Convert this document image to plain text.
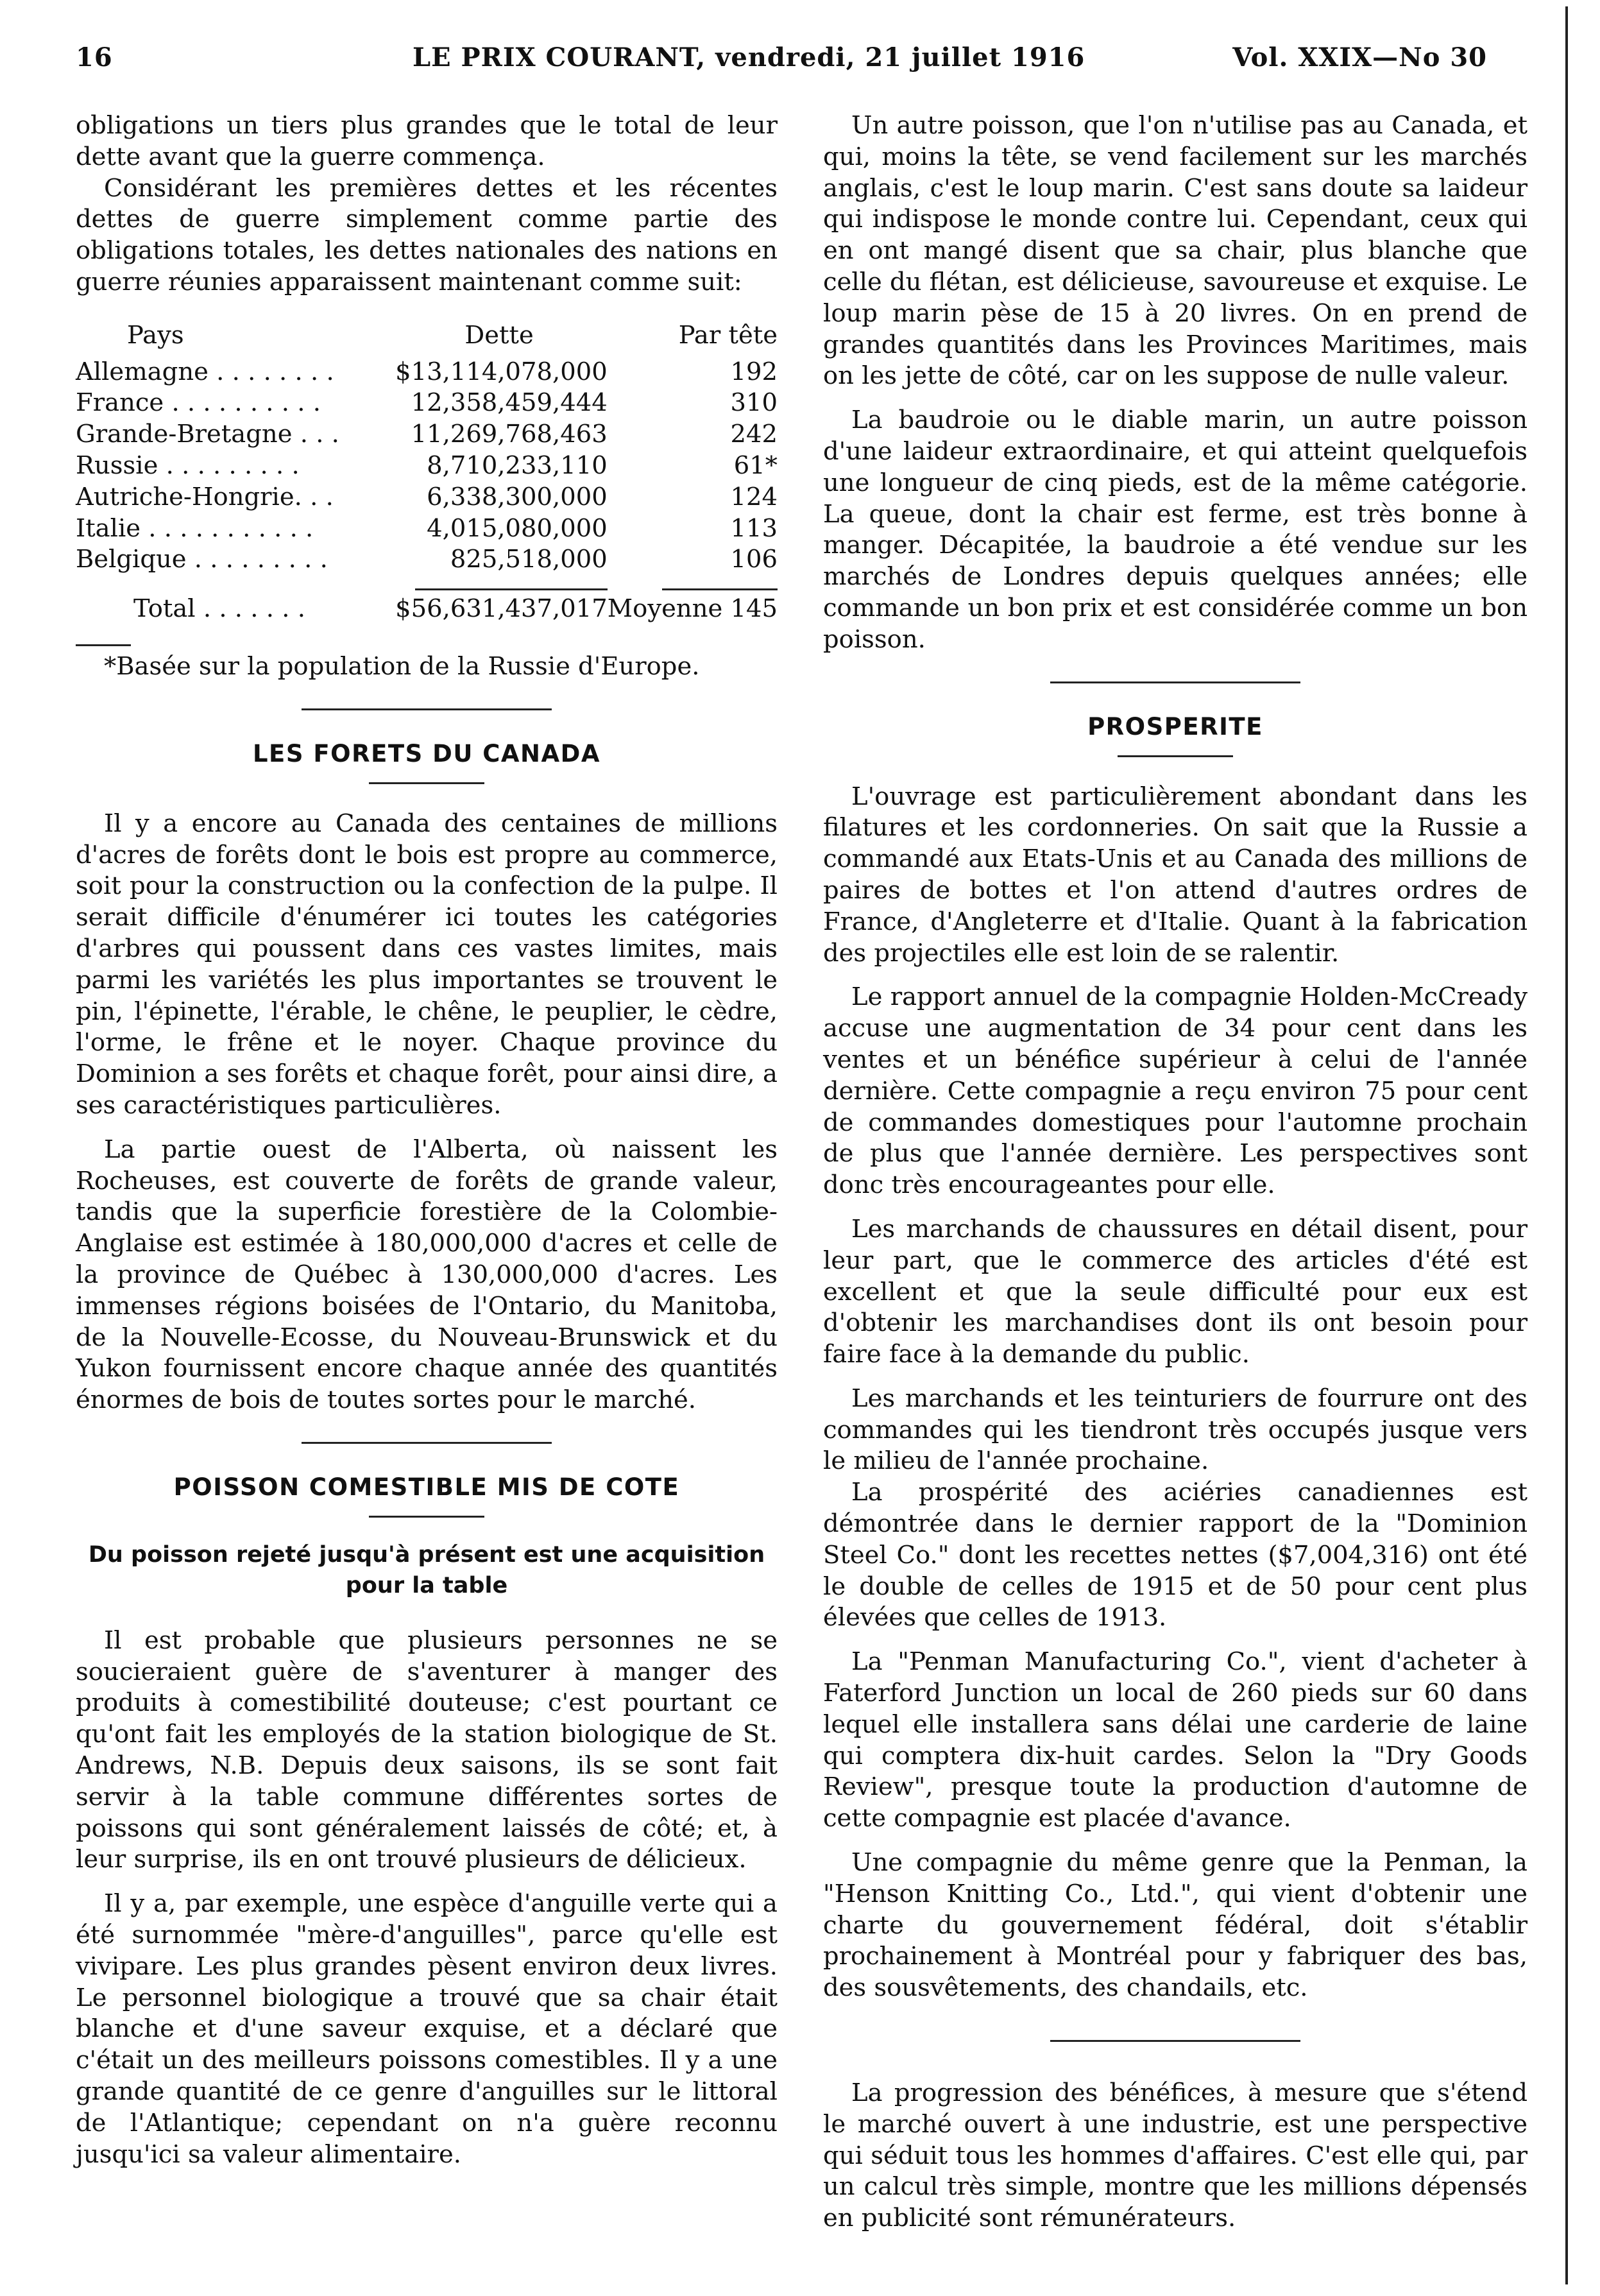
16	LE PRIX COURANT, vendredi, 21 juillet 1916	Vol. XXIX—No 30

obligations un tiers plus grandes que le total de leur dette avant que la guerre commença.

Considérant les premières dettes et les récentes dettes de guerre simplement comme partie des obligations totales, les dettes nationales des nations en guerre réunies apparaissent maintenant comme suit:

Pays	Dette	Par tête

Allemagne . . . . . . . .	$13,114,078,000	192
France . . . . . . . . . .	12,358,459,444	310
Grande-Bretagne . . .	11,269,768,463	242
Russie . . . . . . . . .	8,710,233,110	61*
Autriche-Hongrie. . .	6,338,300,000	124
Italie . . . . . . . . . . .	4,015,080,000	113
Belgique . . . . . . . . .	825,518,000	106

Total . . . . . . .	$56,631,437,017	Moyenne 145

*Basée sur la population de la Russie d'Europe.

LES FORETS DU CANADA

Il y a encore au Canada des centaines de millions d'acres de forêts dont le bois est propre au commerce, soit pour la construction ou la confection de la pulpe. Il serait difficile d'énumérer ici toutes les catégories d'arbres qui poussent dans ces vastes limites, mais parmi les variétés les plus importantes se trouvent le pin, l'épinette, l'érable, le chêne, le peuplier, le cèdre, l'orme, le frêne et le noyer. Chaque province du Dominion a ses forêts et chaque forêt, pour ainsi dire, a ses caractéristiques particulières.

La partie ouest de l'Alberta, où naissent les Rocheuses, est couverte de forêts de grande valeur, tandis que la superficie forestière de la Colombie-Anglaise est estimée à 180,000,000 d'acres et celle de la province de Québec à 130,000,000 d'acres. Les immenses régions boisées de l'Ontario, du Manitoba, de la Nouvelle-Ecosse, du Nouveau-Brunswick et du Yukon fournissent encore chaque année des quantités énormes de bois de toutes sortes pour le marché.

POISSON COMESTIBLE MIS DE COTE
Du poisson rejeté jusqu'à présent est une acquisition pour la table

Il est probable que plusieurs personnes ne se soucieraient guère de s'aventurer à manger des produits à comestibilité douteuse; c'est pourtant ce qu'ont fait les employés de la station biologique de St. Andrews, N.B. Depuis deux saisons, ils se sont fait servir à la table commune différentes sortes de poissons qui sont généralement laissés de côté; et, à leur surprise, ils en ont trouvé plusieurs de délicieux.

Il y a, par exemple, une espèce d'anguille verte qui a été surnommée "mère-d'anguilles", parce qu'elle est vivipare. Les plus grandes pèsent environ deux livres. Le personnel biologique a trouvé que sa chair était blanche et d'une saveur exquise, et a déclaré que c'était un des meilleurs poissons comestibles. Il y a une grande quantité de ce genre d'anguilles sur le littoral de l'Atlantique; cependant on n'a guère reconnu jusqu'ici sa valeur alimentaire.

Un autre poisson, que l'on n'utilise pas au Canada, et qui, moins la tête, se vend facilement sur les marchés anglais, c'est le loup marin. C'est sans doute sa laideur qui indispose le monde contre lui. Cependant, ceux qui en ont mangé disent que sa chair, plus blanche que celle du flétan, est délicieuse, savoureuse et exquise. Le loup marin pèse de 15 à 20 livres. On en prend de grandes quantités dans les Provinces Maritimes, mais on les jette de côté, car on les suppose de nulle valeur.

La baudroie ou le diable marin, un autre poisson d'une laideur extraordinaire, et qui atteint quelquefois une longueur de cinq pieds, est de la même catégorie. La queue, dont la chair est ferme, est très bonne à manger. Décapitée, la baudroie a été vendue sur les marchés de Londres depuis quelques années; elle commande un bon prix et est considérée comme un bon poisson.

PROSPERITE

L'ouvrage est particulièrement abondant dans les filatures et les cordonneries. On sait que la Russie a commandé aux Etats-Unis et au Canada des millions de paires de bottes et l'on attend d'autres ordres de France, d'Angleterre et d'Italie. Quant à la fabrication des projectiles elle est loin de se ralentir.

Le rapport annuel de la compagnie Holden-McCready accuse une augmentation de 34 pour cent dans les ventes et un bénéfice supérieur à celui de l'année dernière. Cette compagnie a reçu environ 75 pour cent de commandes domestiques pour l'automne prochain de plus que l'année dernière. Les perspectives sont donc très encourageantes pour elle.

Les marchands de chaussures en détail disent, pour leur part, que le commerce des articles d'été est excellent et que la seule difficulté pour eux est d'obtenir les marchandises dont ils ont besoin pour faire face à la demande du public.

Les marchands et les teinturiers de fourrure ont des commandes qui les tiendront très occupés jusque vers le milieu de l'année prochaine.

La prospérité des aciéries canadiennes est démontrée dans le dernier rapport de la "Dominion Steel Co." dont les recettes nettes ($7,004,316) ont été le double de celles de 1915 et de 50 pour cent plus élevées que celles de 1913.

La "Penman Manufacturing Co.", vient d'acheter à Faterford Junction un local de 260 pieds sur 60 dans lequel elle installera sans délai une carderie de laine qui comptera dix-huit cardes. Selon la "Dry Goods Review", presque toute la production d'automne de cette compagnie est placée d'avance.

Une compagnie du même genre que la Penman, la "Henson Knitting Co., Ltd.", qui vient d'obtenir une charte du gouvernement fédéral, doit s'établir prochainement à Montréal pour y fabriquer des bas, des sousvêtements, des chandails, etc.

La progression des bénéfices, à mesure que s'étend le marché ouvert à une industrie, est une perspective qui séduit tous les hommes d'affaires. C'est elle qui, par un calcul très simple, montre que les millions dépensés en publicité sont rémunérateurs.
